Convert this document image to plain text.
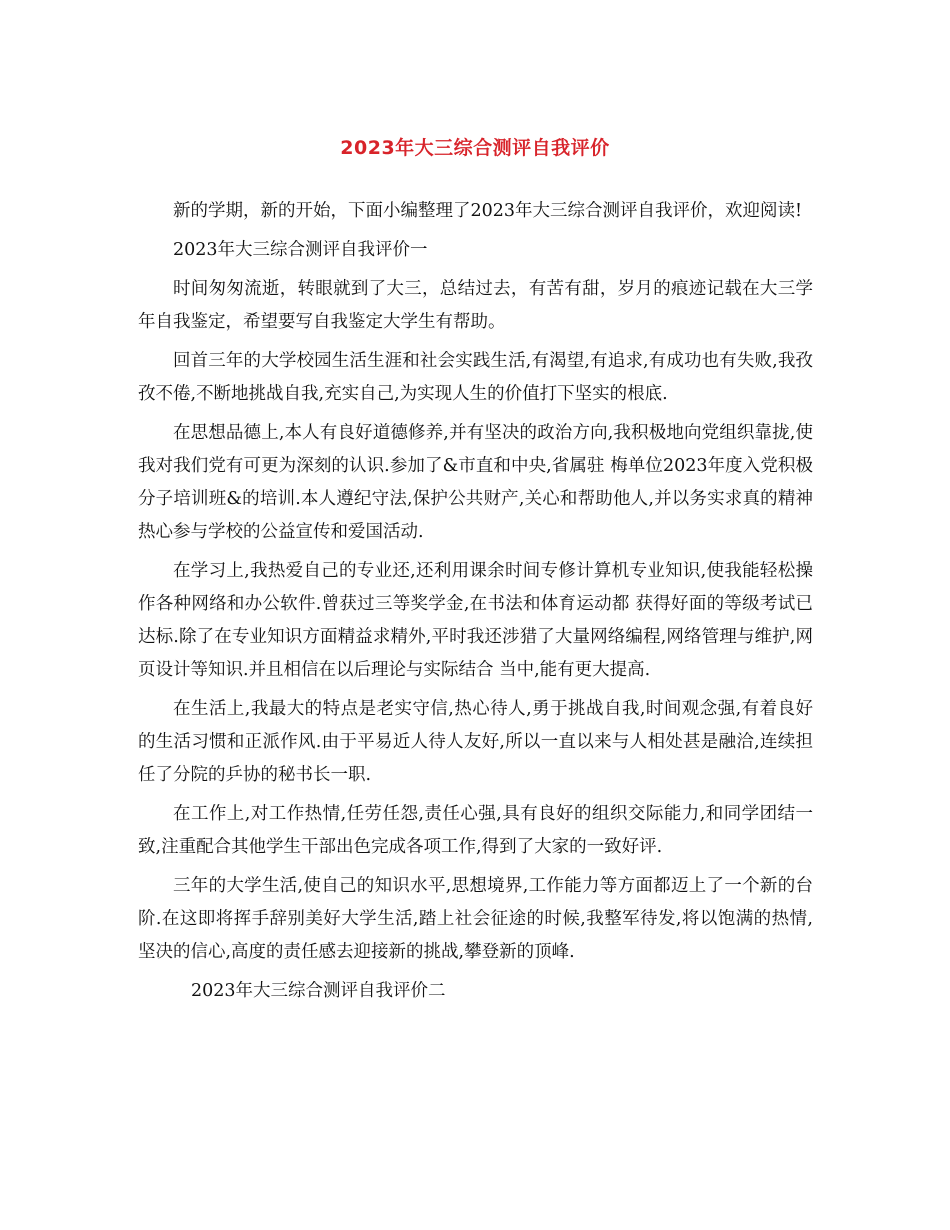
2023年大三综合测评自我评价

新的学期，新的开始，下面小编整理了2023年大三综合测评自我评价，欢迎阅读!

2023年大三综合测评自我评价一

时间匆匆流逝，转眼就到了大三，总结过去，有苦有甜，岁月的痕迹记载在大三学年自我鉴定，希望要写自我鉴定大学生有帮助。

回首三年的大学校园生活生涯和社会实践生活,有渴望,有追求,有成功也有失败,我孜孜不倦,不断地挑战自我,充实自己,为实现人生的价值打下坚实的根底.

在思想品德上,本人有良好道德修养,并有坚决的政治方向,我积极地向党组织靠拢,使我对我们党有可更为深刻的认识.参加了&市直和中央,省属驻 梅单位2023年度入党积极分子培训班&的培训.本人遵纪守法,保护公共财产,关心和帮助他人,并以务实求真的精神热心参与学校的公益宣传和爱国活动.

在学习上,我热爱自己的专业还,还利用课余时间专修计算机专业知识,使我能轻松操作各种网络和办公软件.曾获过三等奖学金,在书法和体育运动都 获得好面的等级考试已达标.除了在专业知识方面精益求精外,平时我还涉猎了大量网络编程,网络管理与维护,网页设计等知识.并且相信在以后理论与实际结合 当中,能有更大提高.

在生活上,我最大的特点是老实守信,热心待人,勇于挑战自我,时间观念强,有着良好的生活习惯和正派作风.由于平易近人待人友好,所以一直以来与人相处甚是融洽,连续担任了分院的乒协的秘书长一职.

在工作上,对工作热情,任劳任怨,责任心强,具有良好的组织交际能力,和同学团结一致,注重配合其他学生干部出色完成各项工作,得到了大家的一致好评.

三年的大学生活,使自己的知识水平,思想境界,工作能力等方面都迈上了一个新的台阶.在这即将挥手辞别美好大学生活,踏上社会征途的时候,我整军待发,将以饱满的热情,坚决的信心,高度的责任感去迎接新的挑战,攀登新的顶峰.

2023年大三综合测评自我评价二
